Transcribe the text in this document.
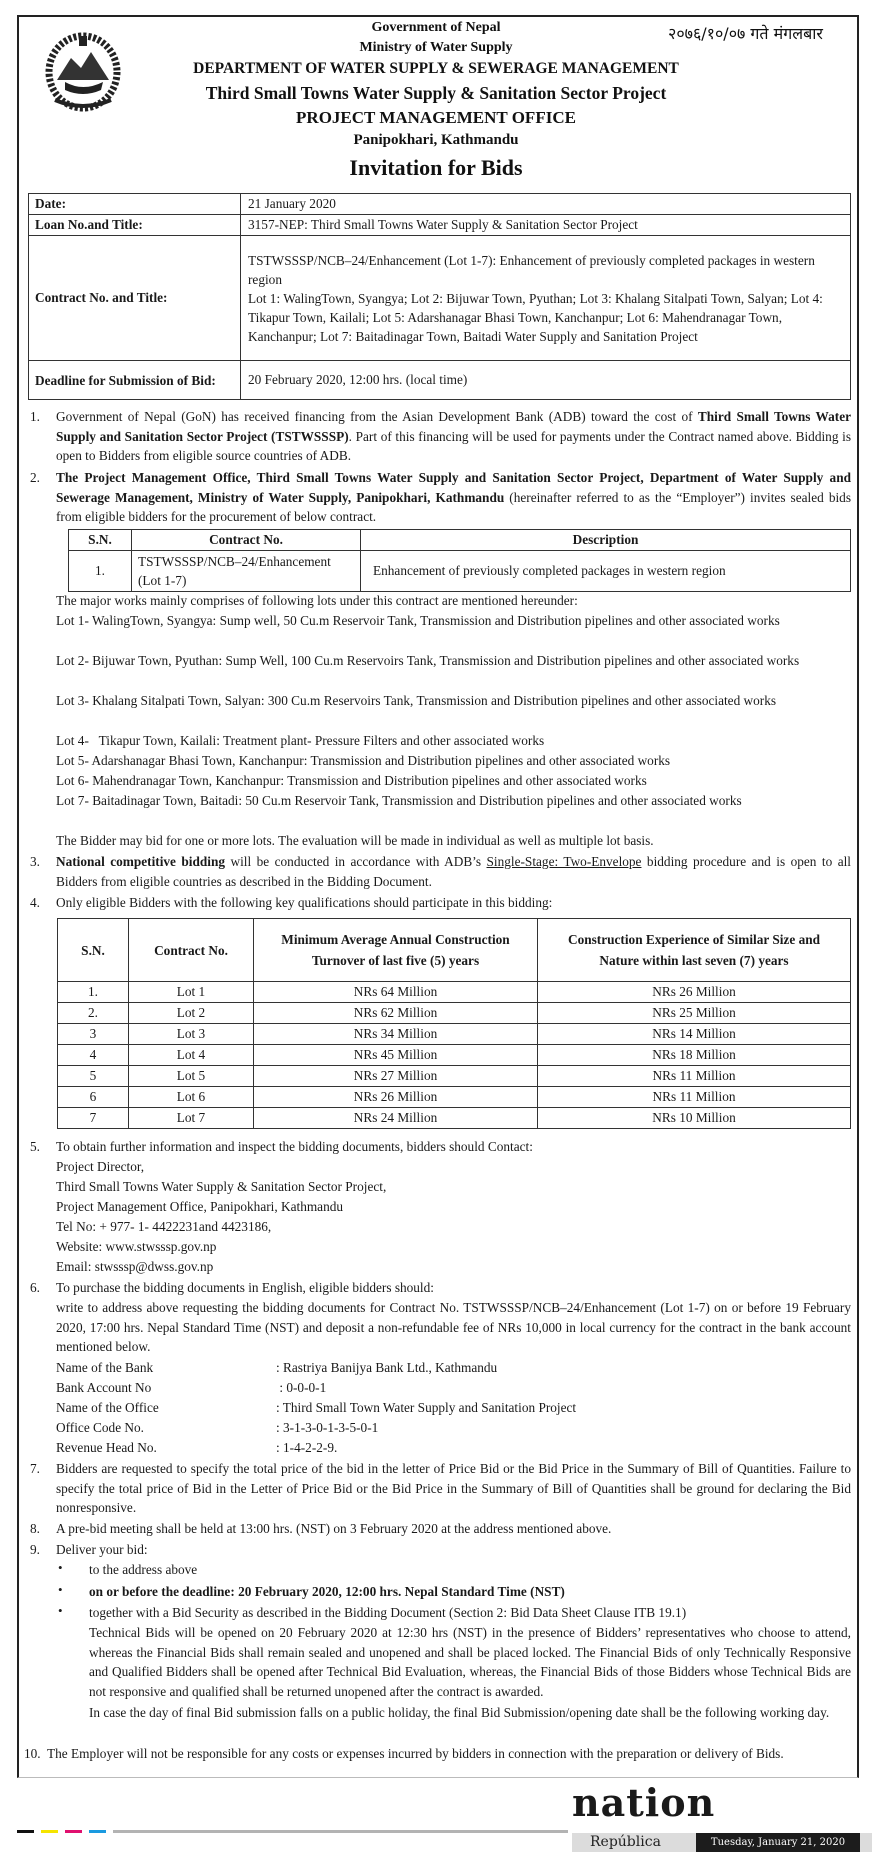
२०७६/१०/०७ गते मंगलबार
Government of Nepal
Ministry of Water Supply
DEPARTMENT OF WATER SUPPLY & SEWERAGE MANAGEMENT
Third Small Towns Water Supply & Sanitation Sector Project
PROJECT MANAGEMENT OFFICE
Panipokhari, Kathmandu
Invitation for Bids
Date:	21 January 2020
Loan No.and Title:	3157-NEP: Third Small Towns Water Supply & Sanitation Sector Project
Contract No. and Title:	TSTWSSSP/NCB–24/Enhancement (Lot 1-7): Enhancement of previously completed packages in western region
Lot 1: WalingTown, Syangya; Lot 2: Bijuwar Town, Pyuthan; Lot 3: Khalang Sitalpati Town, Salyan; Lot 4: Tikapur Town, Kailali; Lot 5: Adarshanagar Bhasi Town, Kanchanpur; Lot 6: Mahendranagar Town, Kanchanpur; Lot 7: Baitadinagar Town, Baitadi Water Supply and Sanitation Project

Deadline for Submission of Bid:	20 February 2020, 12:00 hrs. (local time)
1. Government of Nepal (GoN) has received financing from the Asian Development Bank (ADB) toward the cost of Third Small Towns Water Supply and Sanitation Sector Project (TSTWSSSP). Part of this financing will be used for payments under the Contract named above. Bidding is open to Bidders from eligible source countries of ADB.
2. The Project Management Office, Third Small Towns Water Supply and Sanitation Sector Project, Department of Water Supply and Sewerage Management, Ministry of Water Supply, Panipokhari, Kathmandu (hereinafter referred to as the “Employer”) invites sealed bids from eligible bidders for the procurement of below contract.
S.N.	Contract No.	Description
1.	TSTWSSSP/NCB–24/Enhancement (Lot 1-7)	Enhancement of previously completed packages in western region
The major works mainly comprises of following lots under this contract are mentioned hereunder:
Lot 1- WalingTown, Syangya: Sump well, 50 Cu.m Reservoir Tank, Transmission and Distribution pipelines and other associated works
Lot 2- Bijuwar Town, Pyuthan: Sump Well, 100 Cu.m Reservoirs Tank, Transmission and Distribution pipelines and other associated works
Lot 3- Khalang Sitalpati Town, Salyan: 300 Cu.m Reservoirs Tank, Transmission and Distribution pipelines and other associated works
Lot 4-   Tikapur Town, Kailali: Treatment plant- Pressure Filters and other associated works
Lot 5- Adarshanagar Bhasi Town, Kanchanpur: Transmission and Distribution pipelines and other associated works
Lot 6- Mahendranagar Town, Kanchanpur: Transmission and Distribution pipelines and other associated works
Lot 7- Baitadinagar Town, Baitadi: 50 Cu.m Reservoir Tank, Transmission and Distribution pipelines and other associated works
The Bidder may bid for one or more lots. The evaluation will be made in individual as well as multiple lot basis.
3. National competitive bidding will be conducted in accordance with ADB’s Single-Stage: Two-Envelope bidding procedure and is open to all Bidders from eligible countries as described in the Bidding Document.
4. Only eligible Bidders with the following key qualifications should participate in this bidding:
S.N.	Contract No.	Minimum Average Annual Construction Turnover of last five (5) years	Construction Experience of Similar Size and Nature within last seven (7) years
1.	Lot 1	NRs 64 Million	NRs 26 Million
2.	Lot 2	NRs 62 Million	NRs 25 Million
3	Lot 3	NRs 34 Million	NRs 14 Million
4	Lot 4	NRs 45 Million	NRs 18 Million
5	Lot 5	NRs 27 Million	NRs 11 Million
6	Lot 6	NRs 26 Million	NRs 11 Million
7	Lot 7	NRs 24 Million	NRs 10 Million
5. To obtain further information and inspect the bidding documents, bidders should Contact:
Project Director,
Third Small Towns Water Supply & Sanitation Sector Project,
Project Management Office, Panipokhari, Kathmandu
Tel No: + 977- 1- 4422231and 4423186,
Website: www.stwsssp.gov.np
Email: stwsssp@dwss.gov.np
6. To purchase the bidding documents in English, eligible bidders should:
write to address above requesting the bidding documents for Contract No. TSTWSSSP/NCB–24/Enhancement (Lot 1-7) on or before 19 February 2020, 17:00 hrs. Nepal Standard Time (NST) and deposit a non-refundable fee of NRs 10,000 in local currency for the contract in the bank account mentioned below.
Name of the Bank	: Rastriya Banijya Bank Ltd., Kathmandu
Bank Account No	: 0-0-0-1
Name of the Office	: Third Small Town Water Supply and Sanitation Project
Office Code No.	: 3-1-3-0-1-3-5-0-1
Revenue Head No.	: 1-4-2-2-9.
7. Bidders are requested to specify the total price of the bid in the letter of Price Bid or the Bid Price in the Summary of Bill of Quantities. Failure to specify the total price of Bid in the Letter of Price Bid or the Bid Price in the Summary of Bill of Quantities shall be ground for declaring the Bid nonresponsive.
8. A pre-bid meeting shall be held at 13:00 hrs. (NST) on 3 February 2020 at the address mentioned above.
9. Deliver your bid:
• to the address above
• on or before the deadline: 20 February 2020, 12:00 hrs. Nepal Standard Time (NST)
• together with a Bid Security as described in the Bidding Document (Section 2: Bid Data Sheet Clause ITB 19.1)
Technical Bids will be opened on 20 February 2020 at 12:30 hrs (NST) in the presence of Bidders’ representatives who choose to attend, whereas the Financial Bids shall remain sealed and unopened and shall be placed locked. The Financial Bids of only Technically Responsive and Qualified Bidders shall be opened after Technical Bid Evaluation, whereas, the Financial Bids of those Bidders whose Technical Bids are not responsive and qualified shall be returned unopened after the contract is awarded.
In case the day of final Bid submission falls on a public holiday, the final Bid Submission/opening date shall be the following working day.
10. The Employer will not be responsible for any costs or expenses incurred by bidders in connection with the preparation or delivery of Bids.
nation
República	Tuesday, January 21, 2020
